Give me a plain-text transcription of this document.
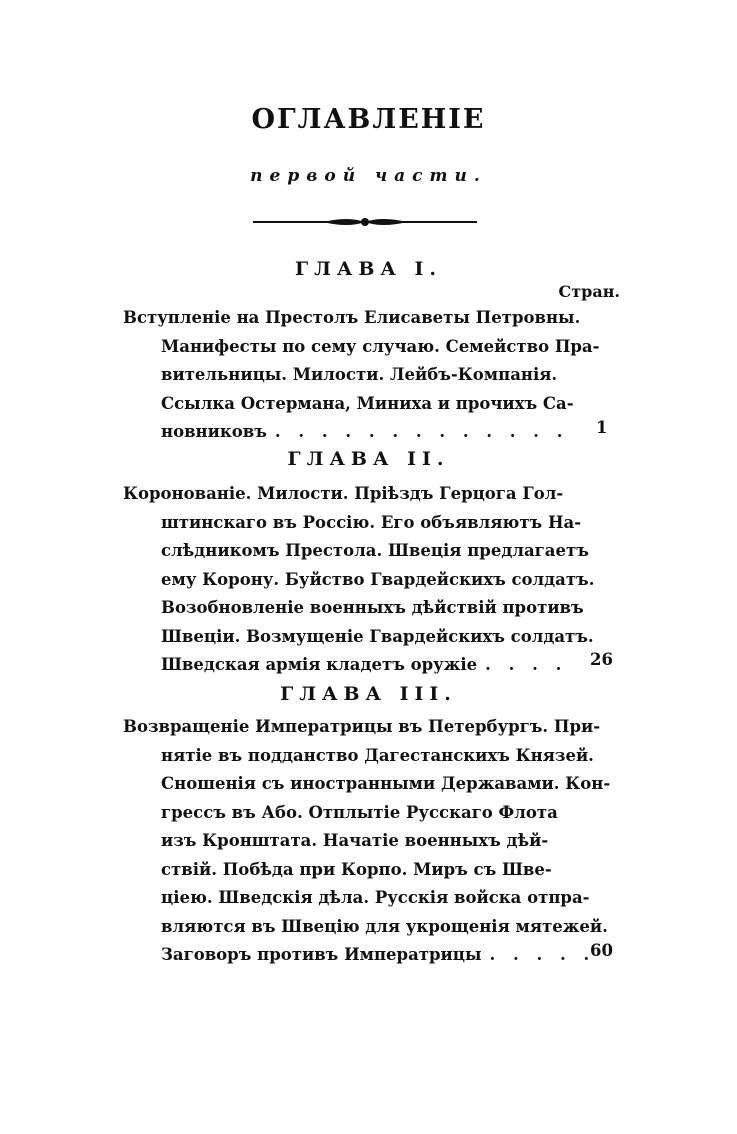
ОГЛАВЛЕНІЕ
первой части.
ГЛАВА I.
Стран.
Вступленіе на Престолъ Елисаветы Петровны.
Манифесты по сему случаю. Семейство Пра-
вительницы. Милости. Лейбъ-Компанія.
Ссылка Остермана, Миниха и прочихъ Са-
новниковъ . . . . . . . . . . . . . 1
ГЛАВА II.
Коронованіе. Милости. Пріѣздъ Герцога Гол-
штинскаго въ Россію. Его объявляютъ На-
слѣдникомъ Престола. Швеція предлагаетъ
ему Корону. Буйство Гвардейскихъ солдатъ.
Возобновленіе военныхъ дѣйствій противъ
Швеціи. Возмущеніе Гвардейскихъ солдатъ.
Шведская армія кладетъ оружіе . . . . 26
ГЛАВА III.
Возвращеніе Императрицы въ Петербургъ. При-
нятіе въ подданство Дагестанскихъ Князей.
Сношенія съ иностранными Державами. Кон-
грессъ въ Або. Отплытіе Русскаго Флота
изъ Кронштата. Начатіе военныхъ дѣй-
ствій. Побѣда при Корпо. Миръ съ Шве-
ціею. Шведскія дѣла. Русскія войска отпра-
вляются въ Швецію для укрощенія мятежей.
Заговоръ противъ Императрицы . . . . .
60
